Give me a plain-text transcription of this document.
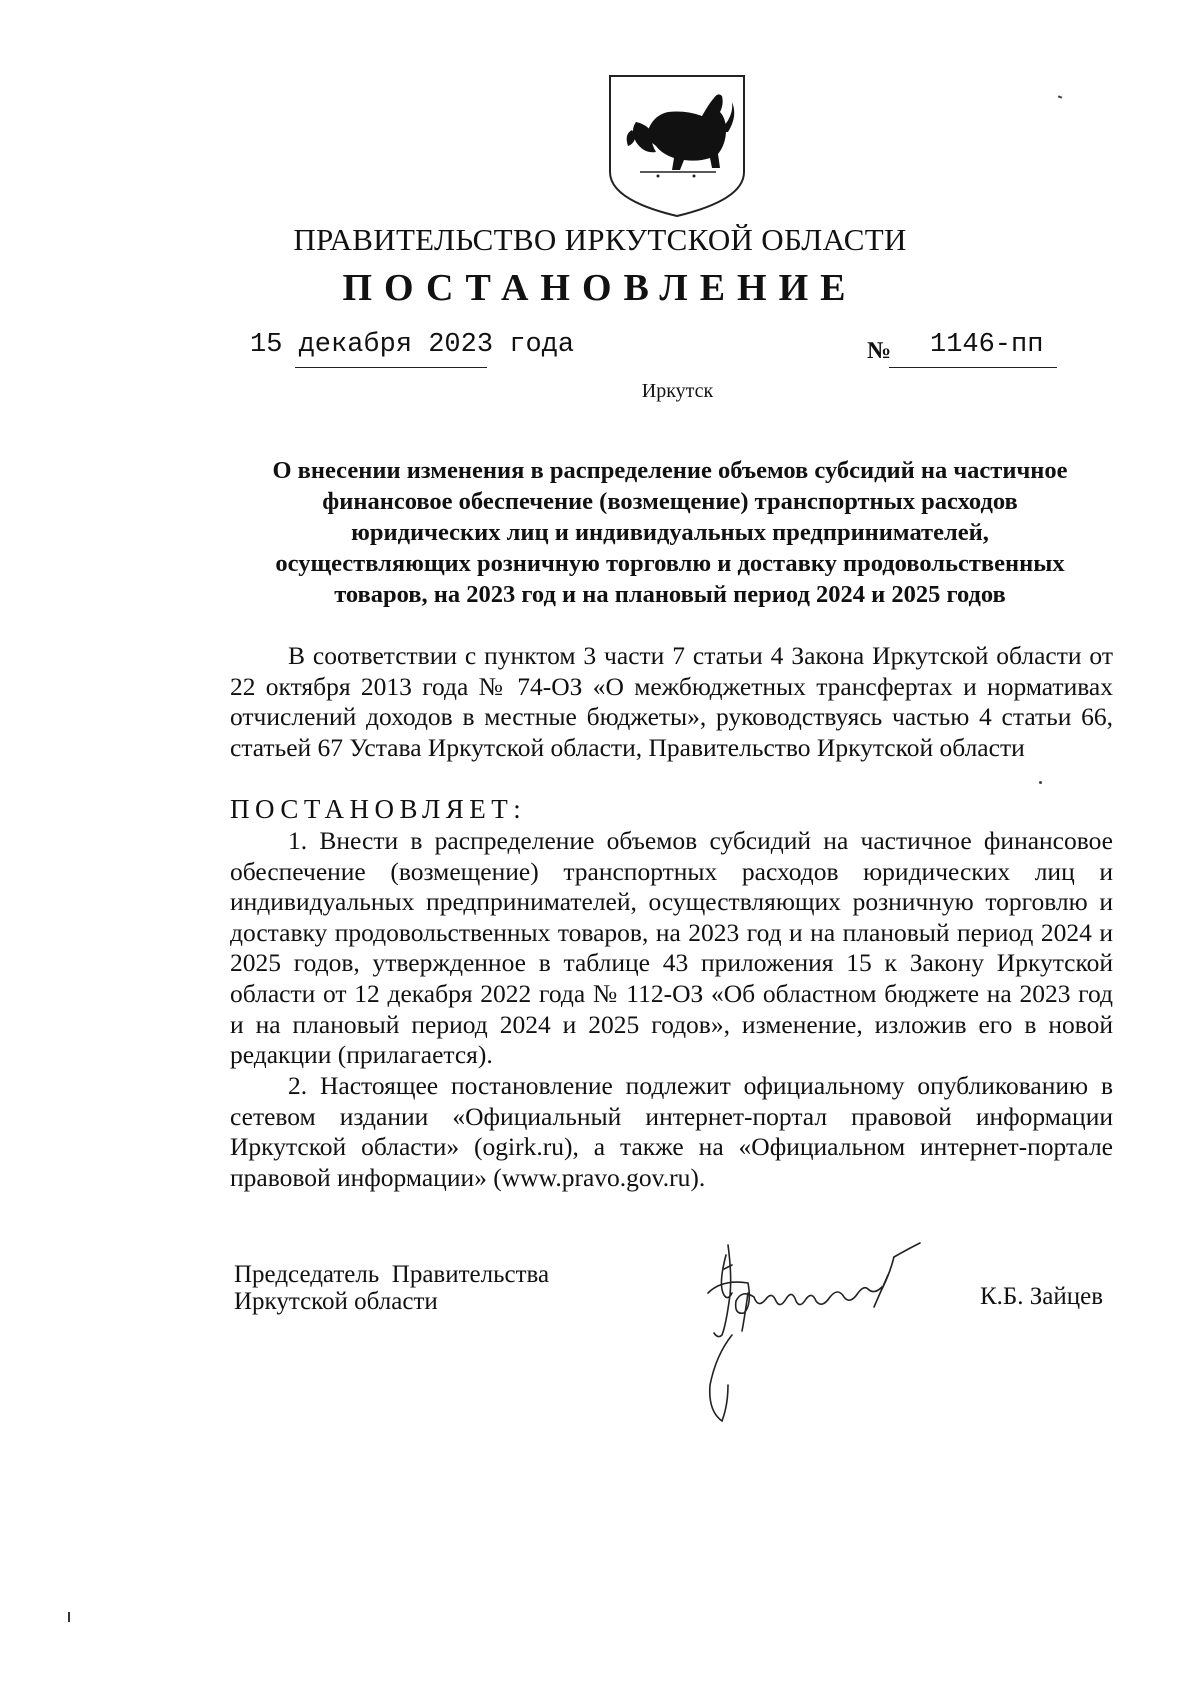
ПРАВИТЕЛЬСТВО ИРКУТСКОЙ ОБЛАСТИ
ПОСТАНОВЛЕНИЕ
15 декабря 2023 года	№ 1146-пп
Иркутск
О внесении изменения в распределение объемов субсидий на частичное
финансовое обеспечение (возмещение) транспортных расходов
юридических лиц и индивидуальных предпринимателей,
осуществляющих розничную торговлю и доставку продовольственных
товаров, на 2023 год и на плановый период 2024 и 2025 годов

В соответствии с пунктом 3 части 7 статьи 4 Закона Иркутской области от 22 октября 2013 года № 74-ОЗ «О межбюджетных трансфертах и нормативах отчислений доходов в местные бюджеты», руководствуясь частью 4 статьи 66, статьей 67 Устава Иркутской области, Правительство Иркутской области

ПОСТАНОВЛЯЕТ:

1. Внести в распределение объемов субсидий на частичное финансовое обеспечение (возмещение) транспортных расходов юридических лиц и индивидуальных предпринимателей, осуществляющих розничную торговлю и доставку продовольственных товаров, на 2023 год и на плановый период 2024 и 2025 годов, утвержденное в таблице 43 приложения 15 к Закону Иркутской области от 12 декабря 2022 года № 112-ОЗ «Об областном бюджете на 2023 год и на плановый период 2024 и 2025 годов», изменение, изложив его в новой редакции (прилагается).

2. Настоящее постановление подлежит официальному опубликованию в сетевом издании «Официальный интернет-портал правовой информации Иркутской области» (ogirk.ru), а также на «Официальном интернет-портале правовой информации» (www.pravo.gov.ru).

Председатель  Правительства
Иркутской области	К.Б. Зайцев
